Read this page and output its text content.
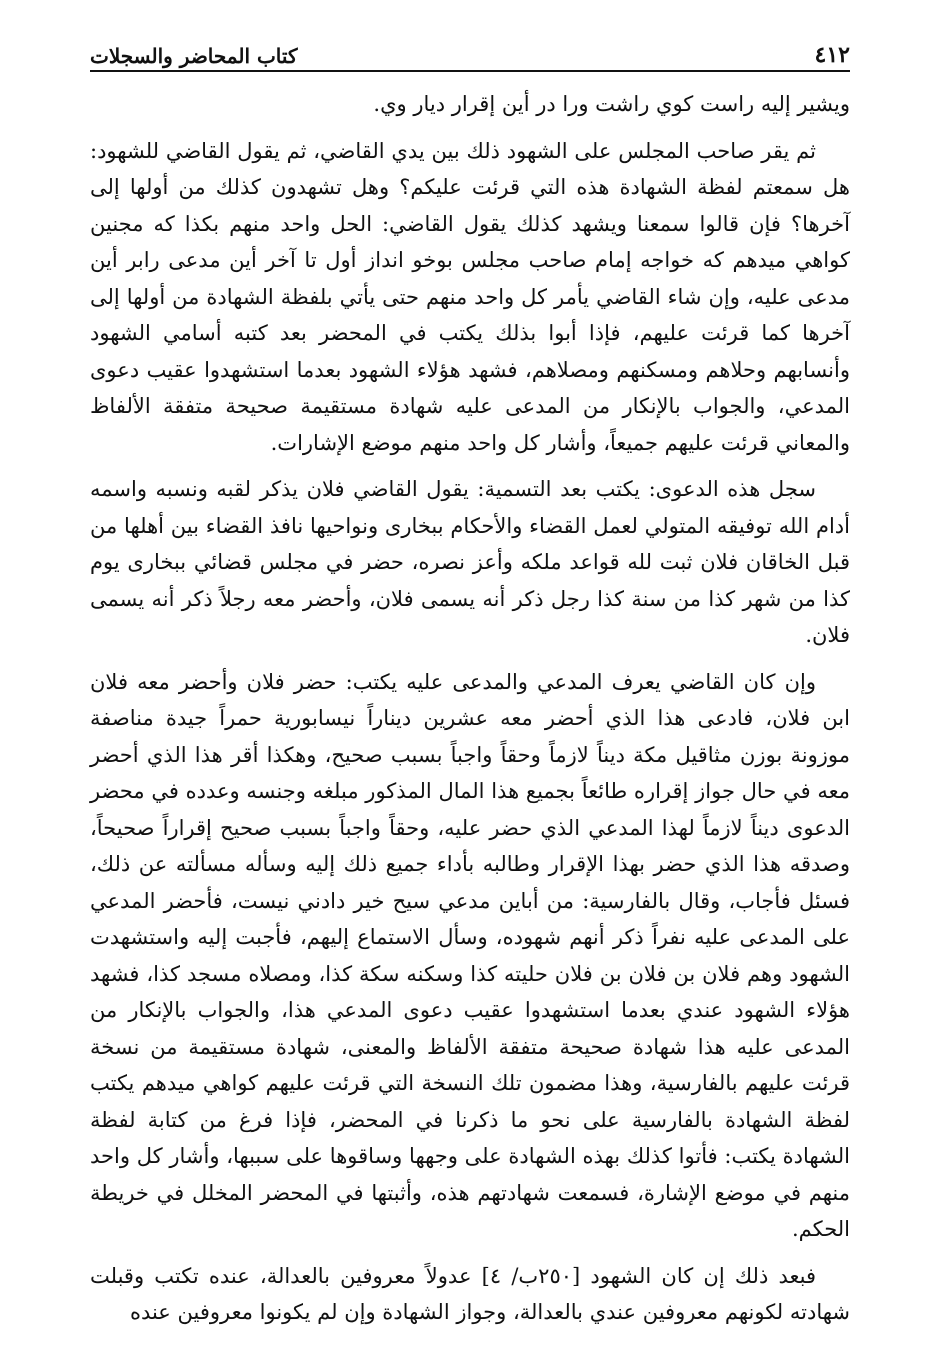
٤١٢
كتاب المحاضر والسجلات

ويشير إليه راست كوي راشت ورا در أين إقرار ديار وي.

ثم يقر صاحب المجلس على الشهود ذلك بين يدي القاضي، ثم يقول القاضي للشهود: هل سمعتم لفظة الشهادة هذه التي قرئت عليكم؟ وهل تشهدون كذلك من أولها إلى آخرها؟ فإن قالوا سمعنا ويشهد كذلك يقول القاضي: الحل واحد منهم بكذا كه مجنين كواهي ميدهم كه خواجه إمام صاحب مجلس بوخو انداز أول تا آخر أين مدعى رابر أين مدعى عليه، وإن شاء القاضي يأمر كل واحد منهم حتى يأتي بلفظة الشهادة من أولها إلى آخرها كما قرئت عليهم، فإذا أبوا بذلك يكتب في المحضر بعد كتبه أسامي الشهود وأنسابهم وحلاهم ومسكنهم ومصلاهم، فشهد هؤلاء الشهود بعدما استشهدوا عقيب دعوى المدعي، والجواب بالإنكار من المدعى عليه شهادة مستقيمة صحيحة متفقة الألفاظ والمعاني قرئت عليهم جميعاً، وأشار كل واحد منهم موضع الإشارات.

سجل هذه الدعوى: يكتب بعد التسمية: يقول القاضي فلان يذكر لقبه ونسبه واسمه أدام الله توفيقه المتولي لعمل القضاء والأحكام ببخارى ونواحيها نافذ القضاء بين أهلها من قبل الخاقان فلان ثبت لله قواعد ملكه وأعز نصره، حضر في مجلس قضائي ببخارى يوم كذا من شهر كذا من سنة كذا رجل ذكر أنه يسمى فلان، وأحضر معه رجلاً ذكر أنه يسمى فلان.

وإن كان القاضي يعرف المدعي والمدعى عليه يكتب: حضر فلان وأحضر معه فلان ابن فلان، فادعى هذا الذي أحضر معه عشرين ديناراً نيسابورية حمراً جيدة مناصفة موزونة بوزن مثاقيل مكة ديناً لازماً وحقاً واجباً بسبب صحيح، وهكذا أقر هذا الذي أحضر معه في حال جواز إقراره طائعاً بجميع هذا المال المذكور مبلغه وجنسه وعدده في محضر الدعوى ديناً لازماً لهذا المدعي الذي حضر عليه، وحقاً واجباً بسبب صحيح إقراراً صحيحاً، وصدقه هذا الذي حضر بهذا الإقرار وطالبه بأداء جميع ذلك إليه وسأله مسألته عن ذلك، فسئل فأجاب، وقال بالفارسية: من أباين مدعي سيح خير دادني نيست، فأحضر المدعي على المدعى عليه نفراً ذكر أنهم شهوده، وسأل الاستماع إليهم، فأجبت إليه واستشهدت الشهود وهم فلان بن فلان بن فلان حليته كذا وسكنه سكة كذا، ومصلاه مسجد كذا، فشهد هؤلاء الشهود عندي بعدما استشهدوا عقيب دعوى المدعي هذا، والجواب بالإنكار من المدعى عليه هذا شهادة صحيحة متفقة الألفاظ والمعنى، شهادة مستقيمة من نسخة قرئت عليهم بالفارسية، وهذا مضمون تلك النسخة التي قرئت عليهم كواهي ميدهم يكتب لفظة الشهادة بالفارسية على نحو ما ذكرنا في المحضر، فإذا فرغ من كتابة لفظة الشهادة يكتب: فأتوا كذلك بهذه الشهادة على وجهها وساقوها على سببها، وأشار كل واحد منهم في موضع الإشارة، فسمعت شهادتهم هذه، وأثبتها في المحضر المخلل في خريطة الحكم.

فبعد ذلك إن كان الشهود [٢٥٠ب/ ٤] عدولاً معروفين بالعدالة، عنده تكتب وقبلت شهادته لكونهم معروفين عندي بالعدالة، وجواز الشهادة وإن لم يكونوا معروفين عنده
